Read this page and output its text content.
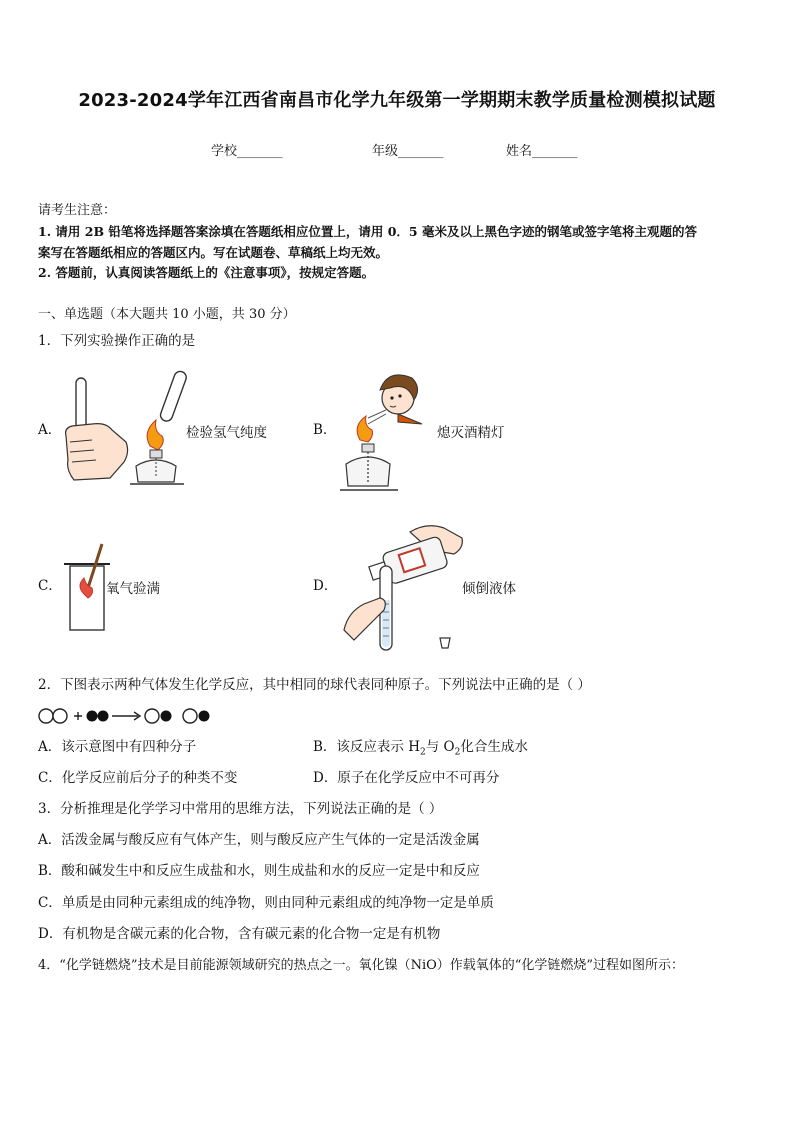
2023-2024学年江西省南昌市化学九年级第一学期期末教学质量检测模拟试题
学校_______	年级_______	姓名_______
请考生注意：
1. 请用 2B 铅笔将选择题答案涂填在答题纸相应位置上，请用 0．5 毫米及以上黑色字迹的钢笔或签字笔将主观题的答
案写在答题纸相应的答题区内。写在试题卷、草稿纸上均无效。
2. 答题前，认真阅读答题纸上的《注意事项》，按规定答题。
一、单选题（本大题共 10 小题，共 30 分）
1．下列实验操作正确的是
A．	检验氢气纯度	B．	熄灭酒精灯
C．	氧气验满	D．	倾倒液体
2．下图表示两种气体发生化学反应，其中相同的球代表同种原子。下列说法中正确的是（ ）
A．该示意图中有四种分子	B．该反应表示 $H_2$与 $O_2$化合生成水
C．化学反应前后分子的种类不变	D．原子在化学反应中不可再分
3．分析推理是化学学习中常用的思维方法，下列说法正确的是（ ）
A．活泼金属与酸反应有气体产生，则与酸反应产生气体的一定是活泼金属
B．酸和碱发生中和反应生成盐和水，则生成盐和水的反应一定是中和反应
C．单质是由同种元素组成的纯净物，则由同种元素组成的纯净物一定是单质
D．有机物是含碳元素的化合物，含有碳元素的化合物一定是有机物
4．“化学链燃烧”技术是目前能源领域研究的热点之一。氧化镍（NiO）作载氧体的“化学链燃烧”过程如图所示：
